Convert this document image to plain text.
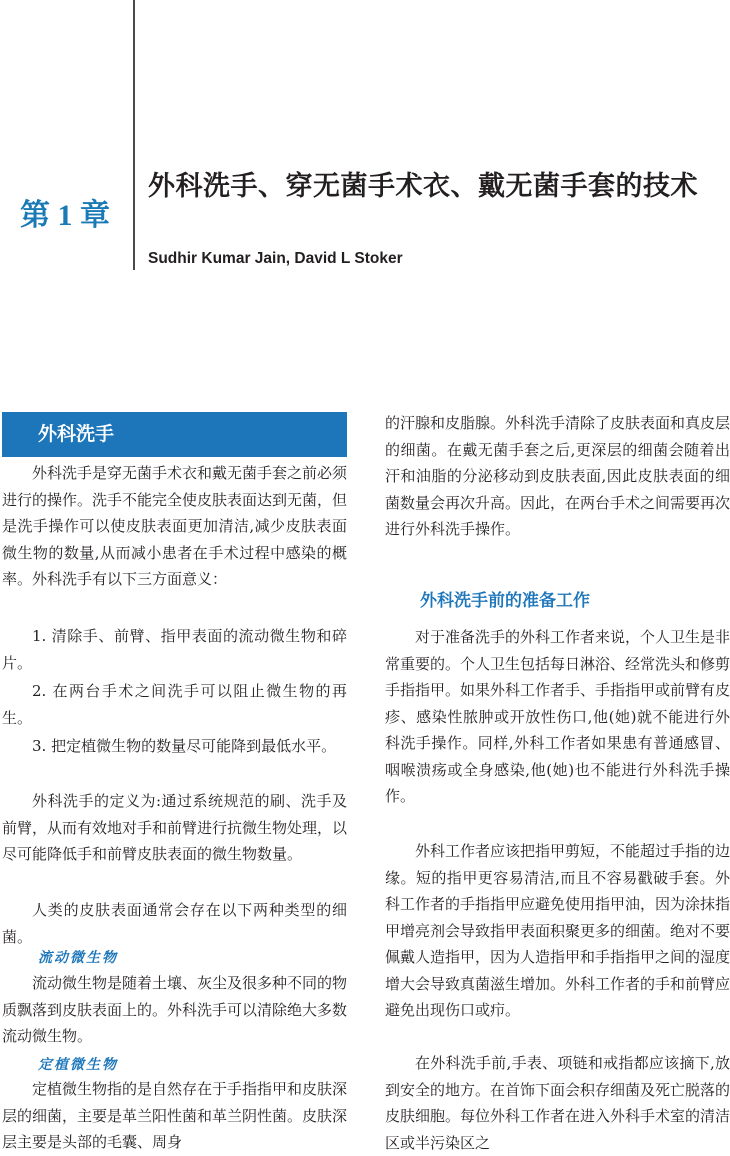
第 1 章
外科洗手、穿无菌手术衣、戴无菌手套的技术

Sudhir Kumar Jain, David L Stoker

外科洗手

外科洗手是穿无菌手术衣和戴无菌手套之前必须进行的操作。洗手不能完全使皮肤表面达到无菌，但是洗手操作可以使皮肤表面更加清洁,减少皮肤表面微生物的数量,从而减小患者在手术过程中感染的概率。外科洗手有以下三方面意义：

1. 清除手、前臂、指甲表面的流动微生物和碎片。

2. 在两台手术之间洗手可以阻止微生物的再生。

3. 把定植微生物的数量尽可能降到最低水平。

外科洗手的定义为:通过系统规范的刷、洗手及前臂，从而有效地对手和前臂进行抗微生物处理，以尽可能降低手和前臂皮肤表面的微生物数量。

人类的皮肤表面通常会存在以下两种类型的细菌。

流动微生物

流动微生物是随着土壤、灰尘及很多种不同的物质飘落到皮肤表面上的。外科洗手可以清除绝大多数流动微生物。

定植微生物

定植微生物指的是自然存在于手指指甲和皮肤深层的细菌，主要是革兰阳性菌和革兰阴性菌。皮肤深层主要是头部的毛囊、周身

的汗腺和皮脂腺。外科洗手清除了皮肤表面和真皮层的细菌。在戴无菌手套之后,更深层的细菌会随着出汗和油脂的分泌移动到皮肤表面,因此皮肤表面的细菌数量会再次升高。因此，在两台手术之间需要再次进行外科洗手操作。

外科洗手前的准备工作

对于准备洗手的外科工作者来说，个人卫生是非常重要的。个人卫生包括每日淋浴、经常洗头和修剪手指指甲。如果外科工作者手、手指指甲或前臂有皮疹、感染性脓肿或开放性伤口,他(她)就不能进行外科洗手操作。同样,外科工作者如果患有普通感冒、咽喉溃疡或全身感染,他(她)也不能进行外科洗手操作。

外科工作者应该把指甲剪短，不能超过手指的边缘。短的指甲更容易清洁,而且不容易戳破手套。外科工作者的手指指甲应避免使用指甲油，因为涂抹指甲增亮剂会导致指甲表面积聚更多的细菌。绝对不要佩戴人造指甲，因为人造指甲和手指指甲之间的湿度增大会导致真菌滋生增加。外科工作者的手和前臂应避免出现伤口或疖。

在外科洗手前,手表、项链和戒指都应该摘下,放到安全的地方。在首饰下面会积存细菌及死亡脱落的皮肤细胞。每位外科工作者在进入外科手术室的清洁区或半污染区之
